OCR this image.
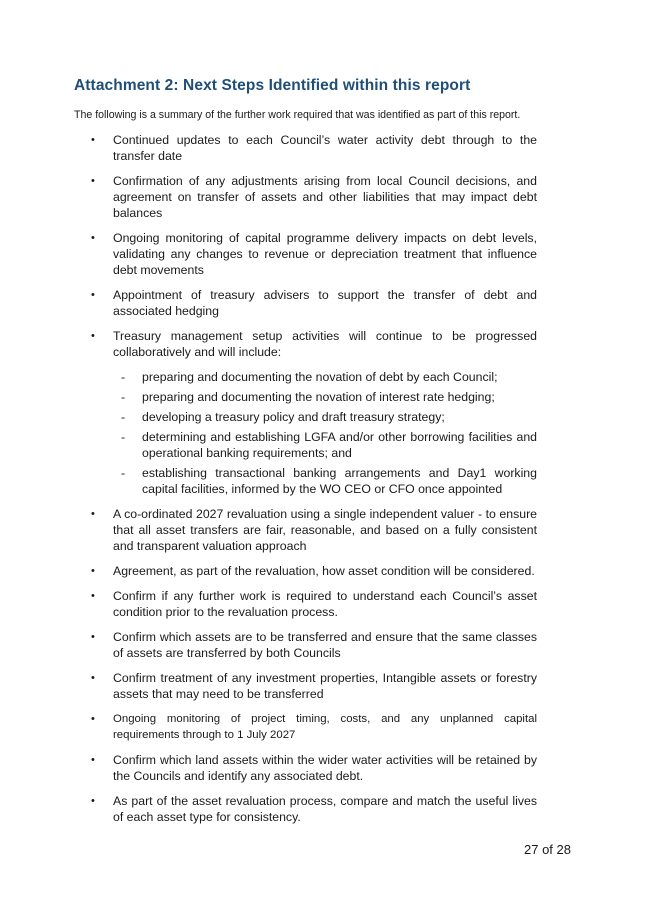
Attachment 2: Next Steps Identified within this report

The following is a summary of the further work required that was identified as part of this report.

• Continued updates to each Council’s water activity debt through to the transfer date
• Confirmation of any adjustments arising from local Council decisions, and agreement on transfer of assets and other liabilities that may impact debt balances
• Ongoing monitoring of capital programme delivery impacts on debt levels, validating any changes to revenue or depreciation treatment that influence debt movements
• Appointment of treasury advisers to support the transfer of debt and associated hedging
• Treasury management setup activities will continue to be progressed collaboratively and will include:
- preparing and documenting the novation of debt by each Council;
- preparing and documenting the novation of interest rate hedging;
- developing a treasury policy and draft treasury strategy;
- determining and establishing LGFA and/or other borrowing facilities and operational banking requirements; and
- establishing transactional banking arrangements and Day1 working capital facilities, informed by the WO CEO or CFO once appointed
• A co-ordinated 2027 revaluation using a single independent valuer - to ensure that all asset transfers are fair, reasonable, and based on a fully consistent and transparent valuation approach
• Agreement, as part of the revaluation, how asset condition will be considered.
• Confirm if any further work is required to understand each Council’s asset condition prior to the revaluation process.
• Confirm which assets are to be transferred and ensure that the same classes of assets are transferred by both Councils
• Confirm treatment of any investment properties, Intangible assets or forestry assets that may need to be transferred
• Ongoing monitoring of project timing, costs, and any unplanned capital requirements through to 1 July 2027
• Confirm which land assets within the wider water activities will be retained by the Councils and identify any associated debt.
• As part of the asset revaluation process, compare and match the useful lives of each asset type for consistency.
27 of 28
